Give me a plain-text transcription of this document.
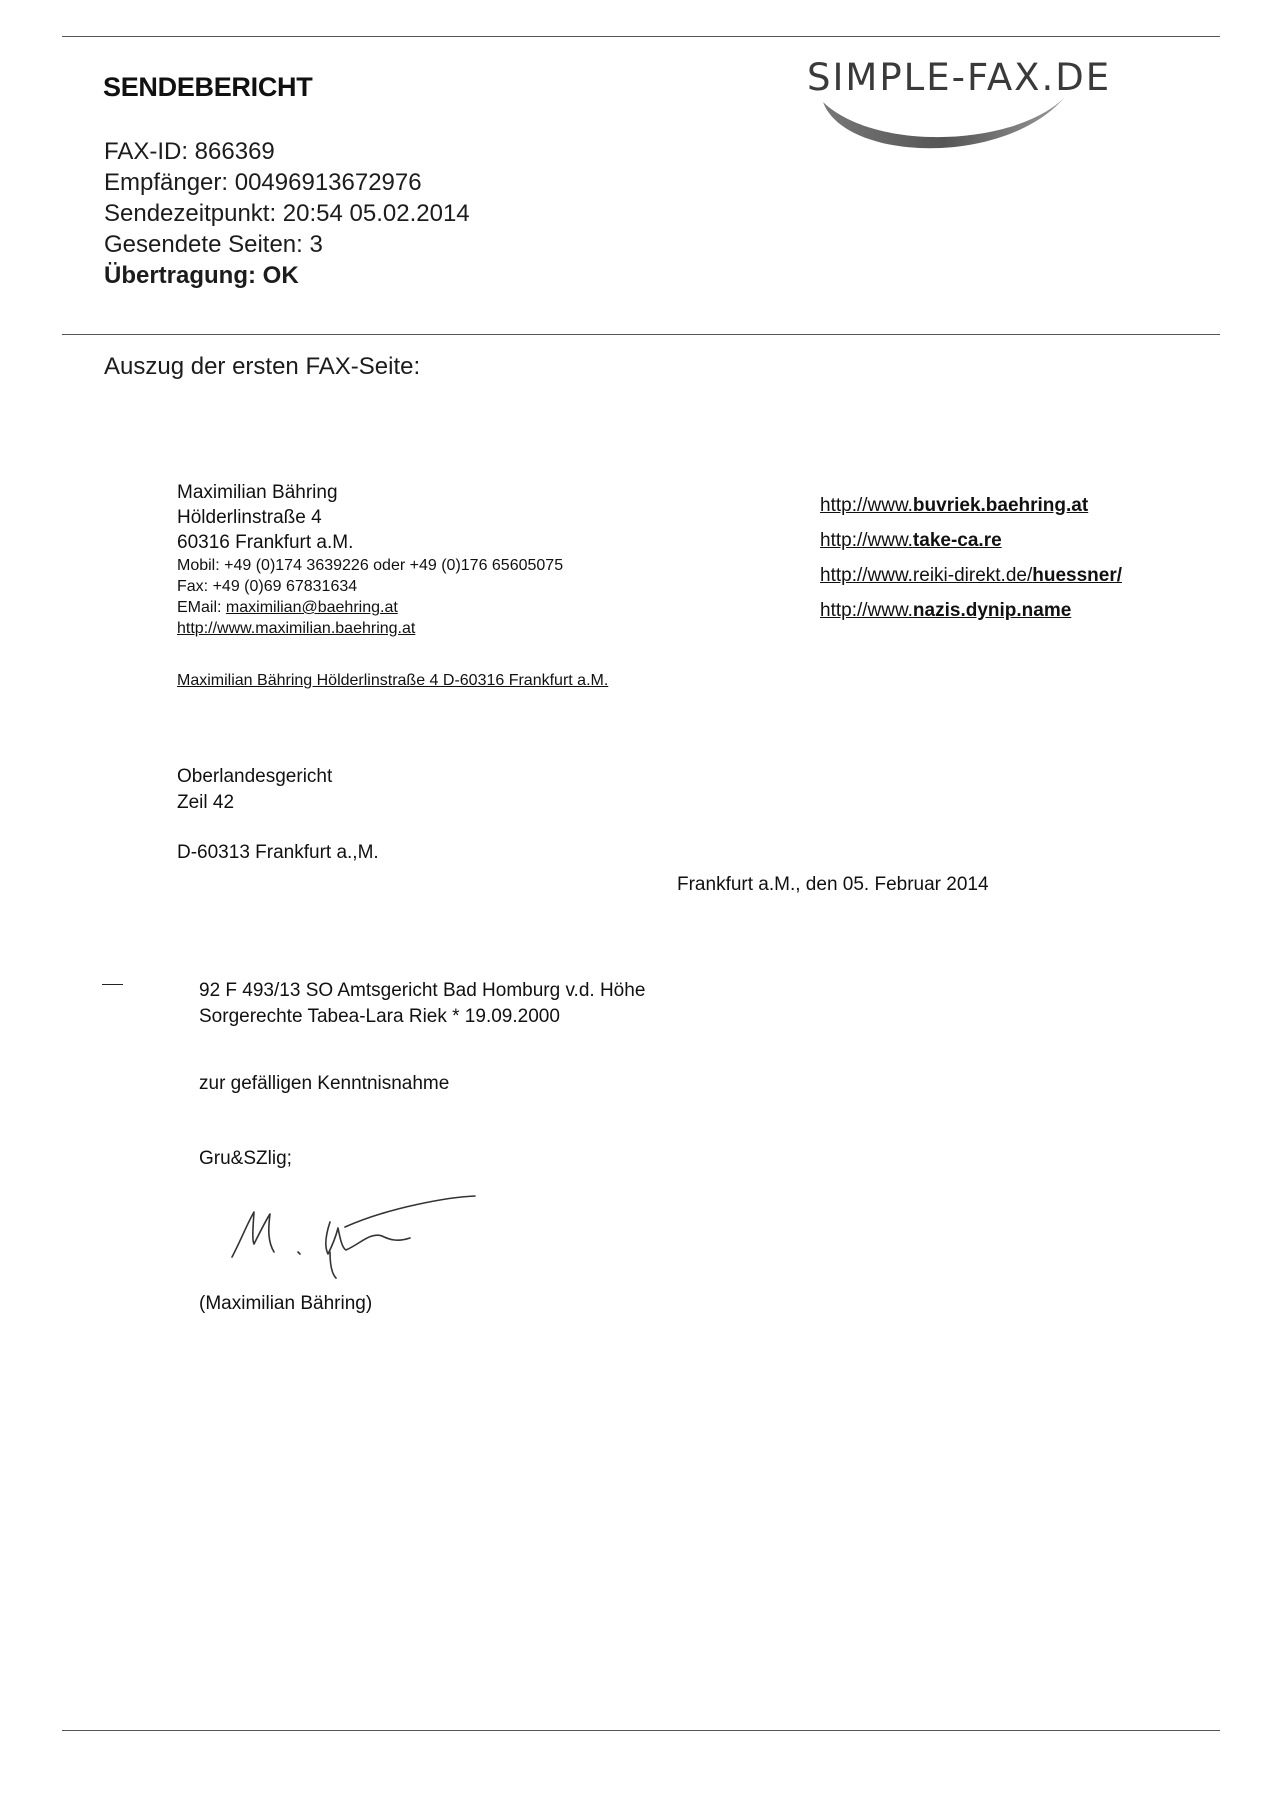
SENDEBERICHT
FAX-ID: 866369
Empfänger: 00496913672976
Sendezeitpunkt: 20:54 05.02.2014
Gesendete Seiten: 3
Übertragung: OK
SIMPLE-FAX.DE
Auszug der ersten FAX-Seite:
Maximilian Bähring
Hölderlinstraße 4
60316 Frankfurt a.M.
Mobil: +49 (0)174 3639226 oder +49 (0)176 65605075
Fax: +49 (0)69 67831634
EMail: maximilian@baehring.at
http://www.maximilian.baehring.at
http://www.buvriek.baehring.at
http://www.take-ca.re
http://www.reiki-direkt.de/huessner/
http://www.nazis.dynip.name
Maximilian Bähring Hölderlinstraße 4 D-60316 Frankfurt a.M.
Oberlandesgericht
Zeil 42
D-60313 Frankfurt a.,M.
Frankfurt a.M., den 05. Februar 2014
92 F 493/13 SO Amtsgericht Bad Homburg v.d. Höhe
Sorgerechte Tabea-Lara Riek * 19.09.2000
zur gefälligen Kenntnisnahme
Gru&SZlig;
(Maximilian Bähring)
